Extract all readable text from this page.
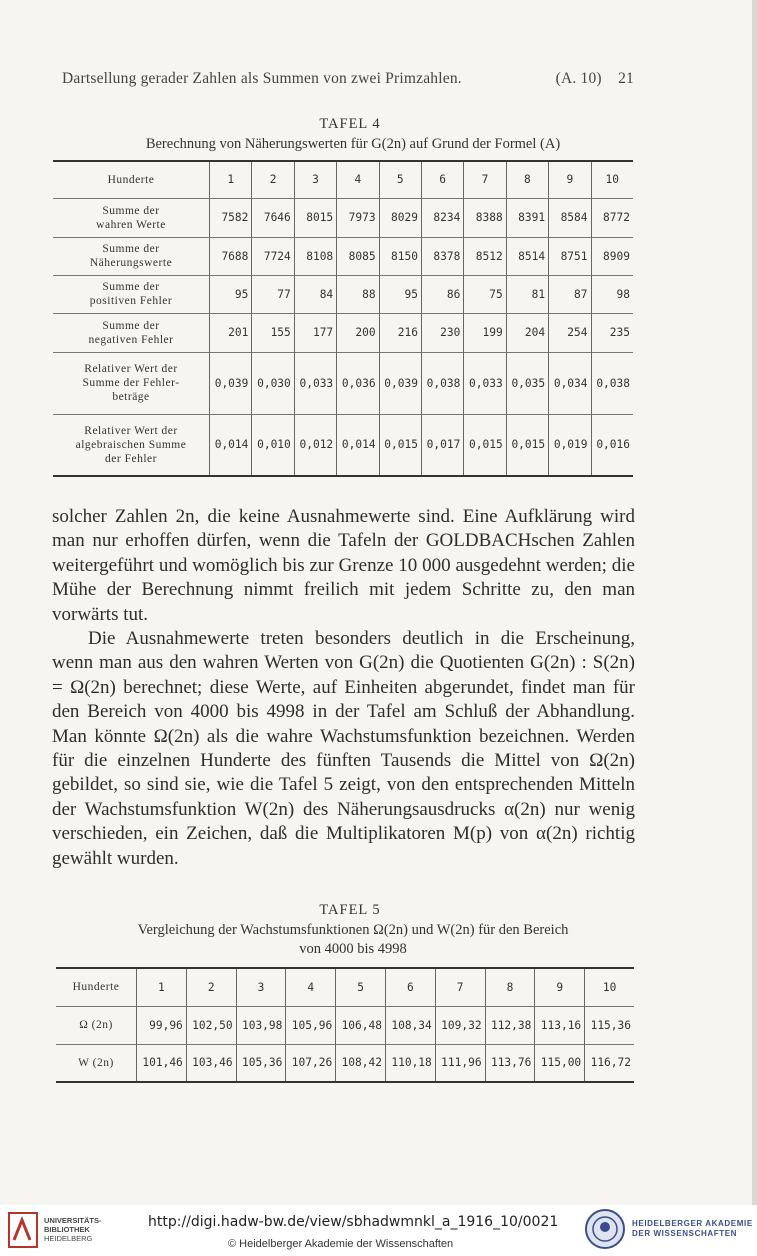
Dartsellung gerader Zahlen als Summen von zwei Primzahlen.	(A. 10) 21
TAFEL 4
Berechnung von Näherungswerten für G(2n) auf Grund der Formel (A)
Hunderte	1	2	3	4	5	6	7	8	9	10

Summe der
wahren Werte	7582	7646	8015	7973	8029	8234	8388	8391	8584	8772

Summe der
Näherungswerte	7688	7724	8108	8085	8150	8378	8512	8514	8751	8909

Summe der
positiven Fehler	95	77	84	88	95	86	75	81	87	98

Summe der
negativen Fehler	201	155	177	200	216	230	199	204	254	235

Relativer Wert der
Summe der Fehler-
beträge	0,039	0,030	0,033	0,036	0,039	0,038	0,033	0,035	0,034	0,038

Relativer Wert der
algebraischen Summe
der Fehler	0,014	0,010	0,012	0,014	0,015	0,017	0,015	0,015	0,019	0,016

solcher Zahlen 2n, die keine Ausnahmewerte sind. Eine Aufklärung wird man nur erhoffen dürfen, wenn die Tafeln der GOLDBACHschen Zahlen weitergeführt und womöglich bis zur Grenze 10 000 ausgedehnt werden; die Mühe der Berechnung nimmt freilich mit jedem Schritte zu, den man vorwärts tut.

Die Ausnahmewerte treten besonders deutlich in die Erscheinung, wenn man aus den wahren Werten von G(2n) die Quotienten G(2n) : S(2n) = Ω(2n) berechnet; diese Werte, auf Einheiten abgerundet, findet man für den Bereich von 4000 bis 4998 in der Tafel am Schluß der Abhandlung. Man könnte Ω(2n) als die wahre Wachstumsfunktion bezeichnen. Werden für die einzelnen Hunderte des fünften Tausends die Mittel von Ω(2n) gebildet, so sind sie, wie die Tafel 5 zeigt, von den entsprechenden Mitteln der Wachstumsfunktion W(2n) des Näherungsausdrucks α(2n) nur wenig verschieden, ein Zeichen, daß die Multiplikatoren M(p) von α(2n) richtig gewählt wurden.

TAFEL 5
Vergleichung der Wachstumsfunktionen Ω(2n) und W(2n) für den Bereich
von 4000 bis 4998
Hunderte	1	2	3	4	5	6	7	8	9	10
Ω (2n)	99,96	102,50	103,98	105,96	106,48	108,34	109,32	112,38	113,16	115,36
W (2n)	101,46	103,46	105,36	107,26	108,42	110,18	111,96	113,76	115,00	116,72
UNIVERSITÄTS-
BIBLIOTHEK
HEIDELBERG
http://digi.hadw-bw.de/view/sbhadwmnkl_a_1916_10/0021
© Heidelberger Akademie der Wissenschaften
HEIDELBERGER AKADEMIE
DER WISSENSCHAFTEN
